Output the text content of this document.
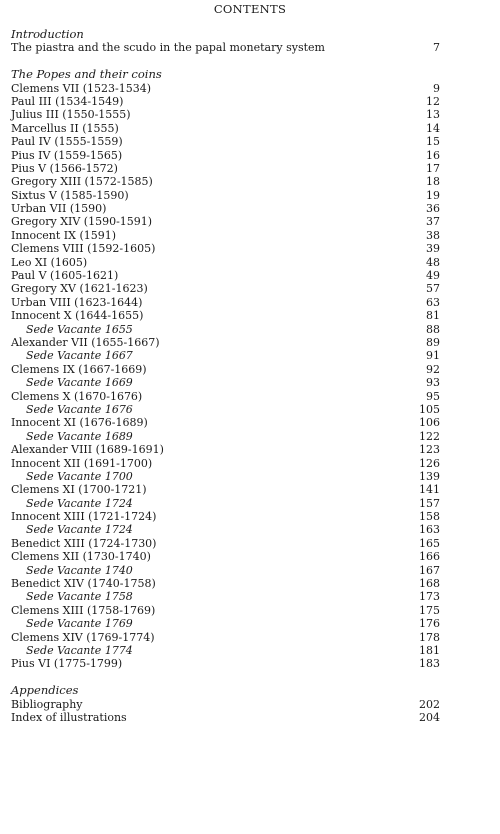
CONTENTS
Introduction
The piastra and the scudo in the papal monetary system	7
The Popes and their coins
Clemens VII (1523-1534)	9
Paul III (1534-1549)	12
Julius III (1550-1555)	13
Marcellus II (1555)	14
Paul IV (1555-1559)	15
Pius IV (1559-1565)	16
Pius V (1566-1572)	17
Gregory XIII (1572-1585)	18
Sixtus V (1585-1590)	19
Urban VII (1590)	36
Gregory XIV (1590-1591)	37
Innocent IX (1591)	38
Clemens VIII (1592-1605)	39
Leo XI (1605)	48
Paul V (1605-1621)	49
Gregory XV (1621-1623)	57
Urban VIII (1623-1644)	63
Innocent X (1644-1655)	81
Sede Vacante 1655	88
Alexander VII (1655-1667)	89
Sede Vacante 1667	91
Clemens IX (1667-1669)	92
Sede Vacante 1669	93
Clemens X (1670-1676)	95
Sede Vacante 1676	105
Innocent XI (1676-1689)	106
Sede Vacante 1689	122
Alexander VIII (1689-1691)	123
Innocent XII (1691-1700)	126
Sede Vacante 1700	139
Clemens XI (1700-1721)	141
Sede Vacante 1724	157
Innocent XIII (1721-1724)	158
Sede Vacante 1724	163
Benedict XIII (1724-1730)	165
Clemens XII (1730-1740)	166
Sede Vacante 1740	167
Benedict XIV (1740-1758)	168
Sede Vacante 1758	173
Clemens XIII (1758-1769)	175
Sede Vacante 1769	176
Clemens XIV (1769-1774)	178
Sede Vacante 1774	181
Pius VI (1775-1799)	183
Appendices
Bibliography	202
Index of illustrations	204
